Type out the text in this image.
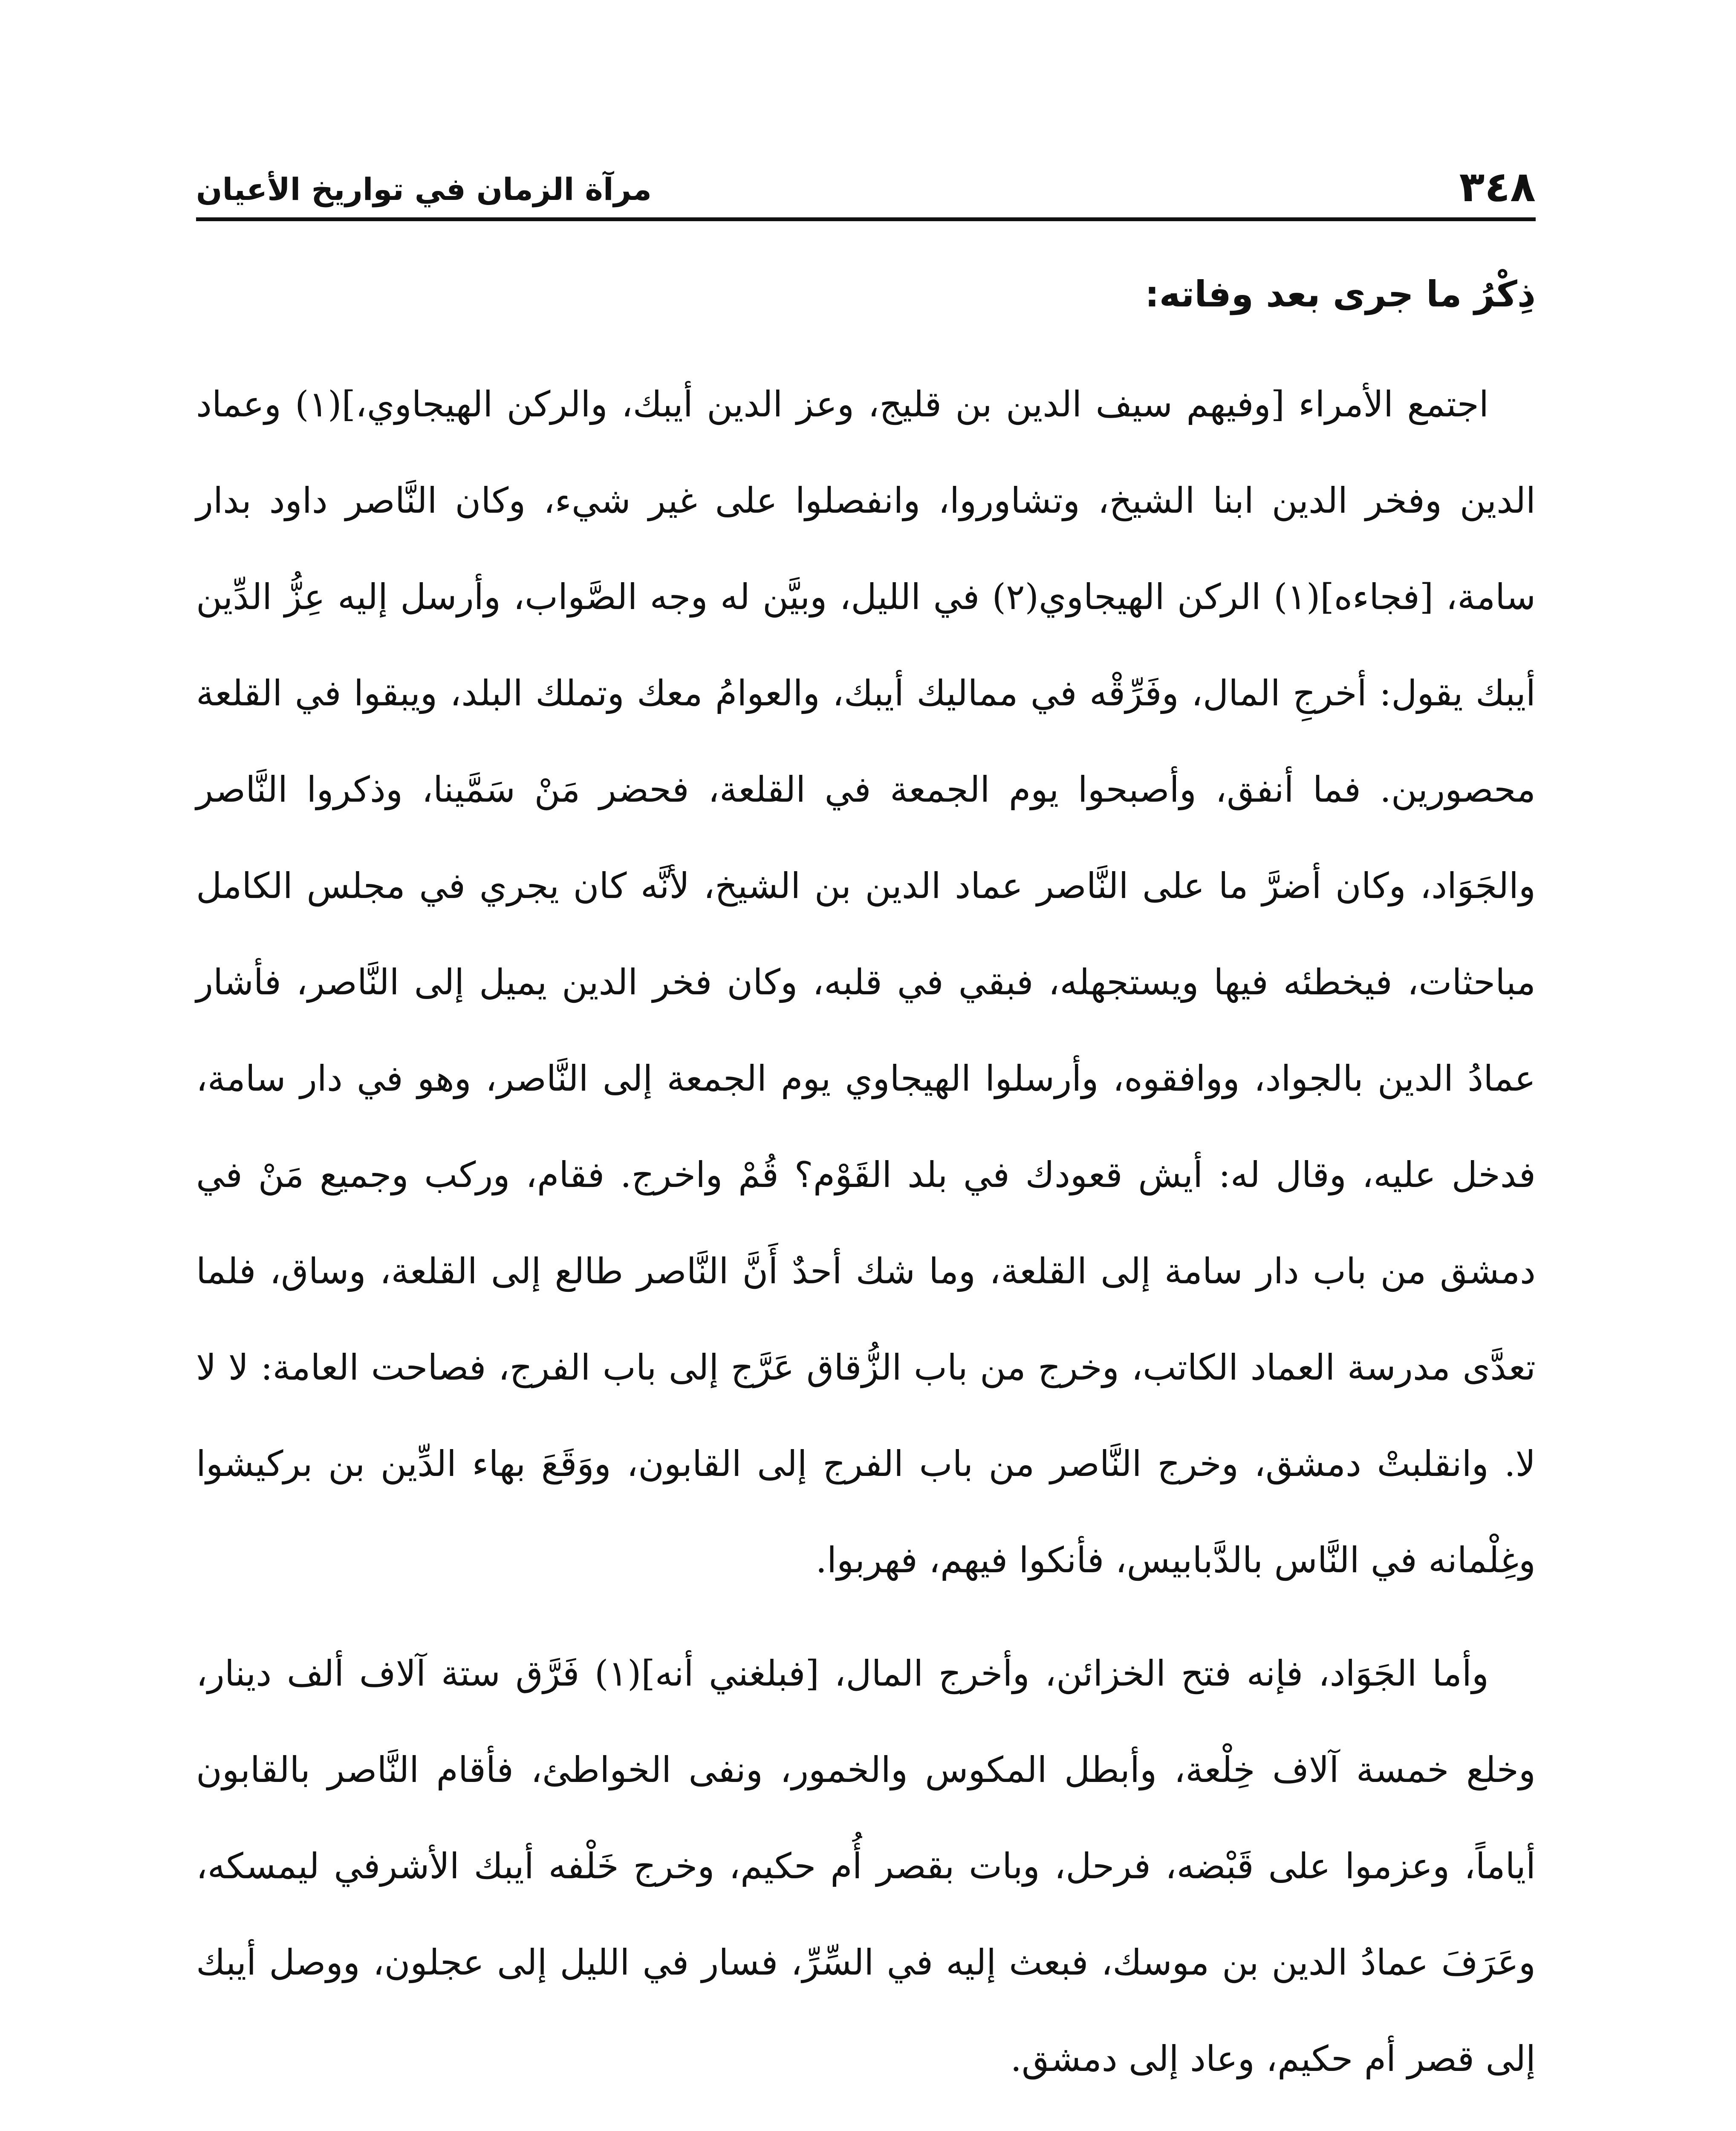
٣٤٨
مرآة الزمان في تواريخ الأعيان
ذِكْرُ ما جرى بعد وفاته:

اجتمع الأمراء [وفيهم سيف الدين بن قليج، وعز الدين أيبك، والركن الهيجاوي،](١) وعماد الدين وفخر الدين ابنا الشيخ، وتشاوروا، وانفصلوا على غير شيء، وكان النَّاصر داود بدار سامة، [فجاءه](١) الركن الهيجاوي(٢) في الليل، وبيَّن له وجه الصَّواب، وأرسل إليه عِزُّ الدِّين أيبك يقول: أخرجِ المال، وفَرِّقْه في مماليك أيبك، والعوامُ معك وتملك البلد، ويبقوا في القلعة محصورين. فما أنفق، وأصبحوا يوم الجمعة في القلعة، فحضر مَنْ سَمَّينا، وذكروا النَّاصر والجَوَاد، وكان أضرَّ ما على النَّاصر عماد الدين بن الشيخ، لأنَّه كان يجري في مجلس الكامل مباحثات، فيخطئه فيها ويستجهله، فبقي في قلبه، وكان فخر الدين يميل إلى النَّاصر، فأشار عمادُ الدين بالجواد، ووافقوه، وأرسلوا الهيجاوي يوم الجمعة إلى النَّاصر، وهو في دار سامة، فدخل عليه، وقال له: أيش قعودك في بلد القَوْم؟ قُمْ واخرج. فقام، وركب وجميع مَنْ في دمشق من باب دار سامة إلى القلعة، وما شك أحدٌ أَنَّ النَّاصر طالع إلى القلعة، وساق، فلما تعدَّى مدرسة العماد الكاتب، وخرج من باب الزُّقاق عَرَّج إلى باب الفرج، فصاحت العامة: لا لا لا. وانقلبتْ دمشق، وخرج النَّاصر من باب الفرج إلى القابون، ووَقَعَ بهاء الدِّين بن بركيشوا وغِلْمانه في النَّاس بالدَّبابيس، فأنكوا فيهم، فهربوا.

وأما الجَوَاد، فإنه فتح الخزائن، وأخرج المال، [فبلغني أنه](١) فَرَّق ستة آلاف ألف دينار، وخلع خمسة آلاف خِلْعة، وأبطل المكوس والخمور، ونفى الخواطئ، فأقام النَّاصر بالقابون أياماً، وعزموا على قَبْضه، فرحل، وبات بقصر أُم حكيم، وخرج خَلْفه أيبك الأشرفي ليمسكه، وعَرَفَ عمادُ الدين بن موسك، فبعث إليه في السِّرِّ، فسار في الليل إلى عجلون، ووصل أيبك إلى قصر أم حكيم، وعاد إلى دمشق.
